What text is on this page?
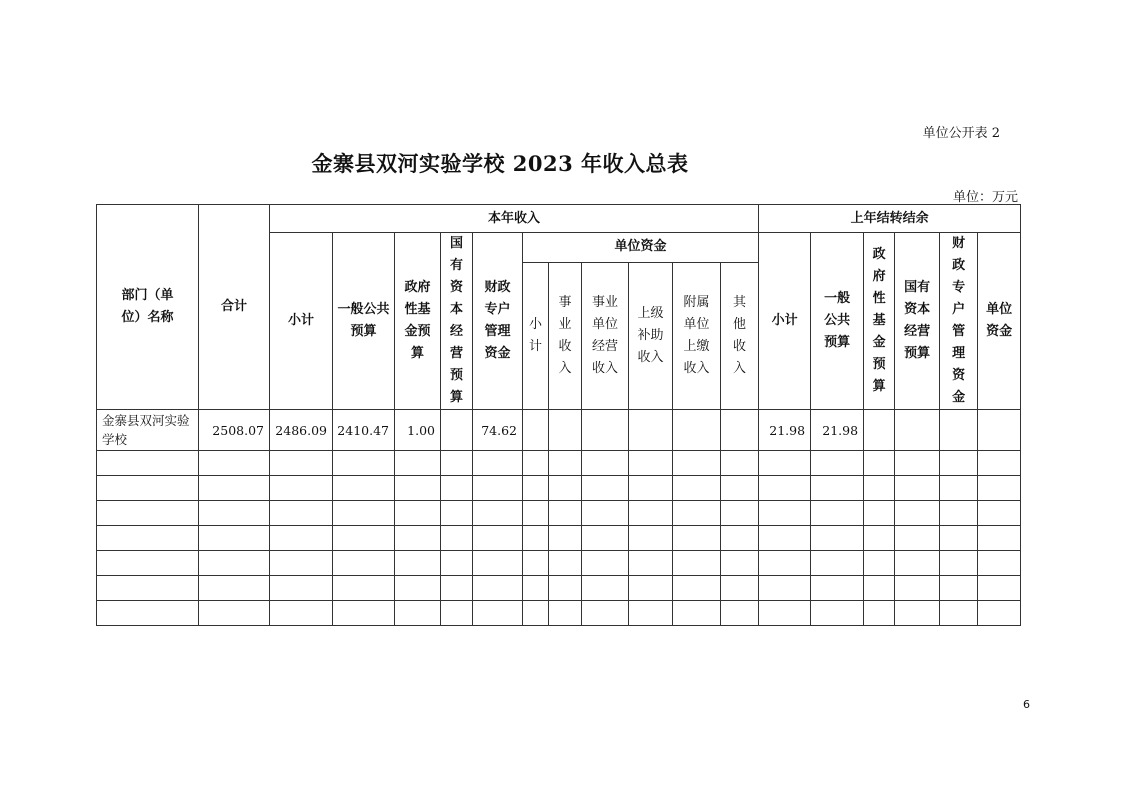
单位公开表 2
金寨县双河实验学校 2023 年收入总表
单位：万元
部门（单位）名称	合计	本年收入											上年结转结余					
		小计	一般公共预算	政府性基金预算	国有资本经营预算	财政专户管理资金	单位资金						小计	一般公共预算	政府性基金预算	国有资本经营预算	财政专户管理资金	单位资金

							小计	事业收入	事业单位经营收入	上级补助收入	附属单位上缴收入	其他收入						

金寨县双河实验学校	2508.07	2486.09	2410.47	1.00		74.62							21.98	21.98				

6
